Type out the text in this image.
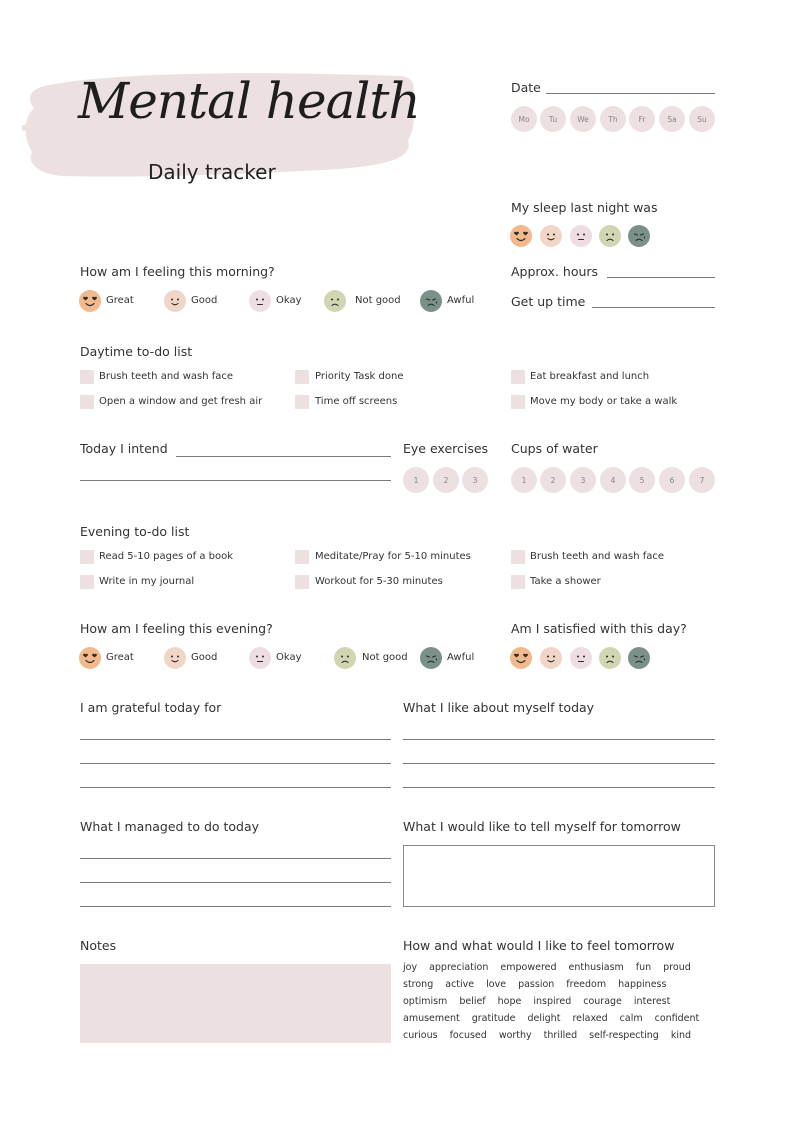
Mental health
Daily tracker
Date
Mo	Tu	We	Th	Fr	Sa	Su
My sleep last night was
Approx. hours
Get up time
How am I feeling this morning?
Great	Good	Okay	Not good	Awful
Daytime to-do list
Brush teeth and wash face	Priority Task done	Eat breakfast and lunch
Open a window and get fresh air	Time off screens	Move my body or take a walk
Today I intend	Eye exercises
1	2	3
Cups of water
1	2	3	4	5	6	7
Evening to-do list
Read 5-10 pages of a book	Meditate/Pray for 5-10 minutes	Brush teeth and wash face
Write in my journal	Workout for 5-30 minutes	Take a shower
How am I feeling this evening?
Great	Good	Okay	Not good	Awful
Am I satisfied with this day?
I am grateful today for	What I like about myself today
What I managed to do today	What I would like to tell myself for tomorrow
Notes	How and what would I like to feel tomorrow
joy appreciation empowered enthusiasm fun proud
strong active love passion freedom happiness
optimism belief hope inspired courage interest
amusement gratitude delight relaxed calm confident
curious focused worthy thrilled self-respecting kind
